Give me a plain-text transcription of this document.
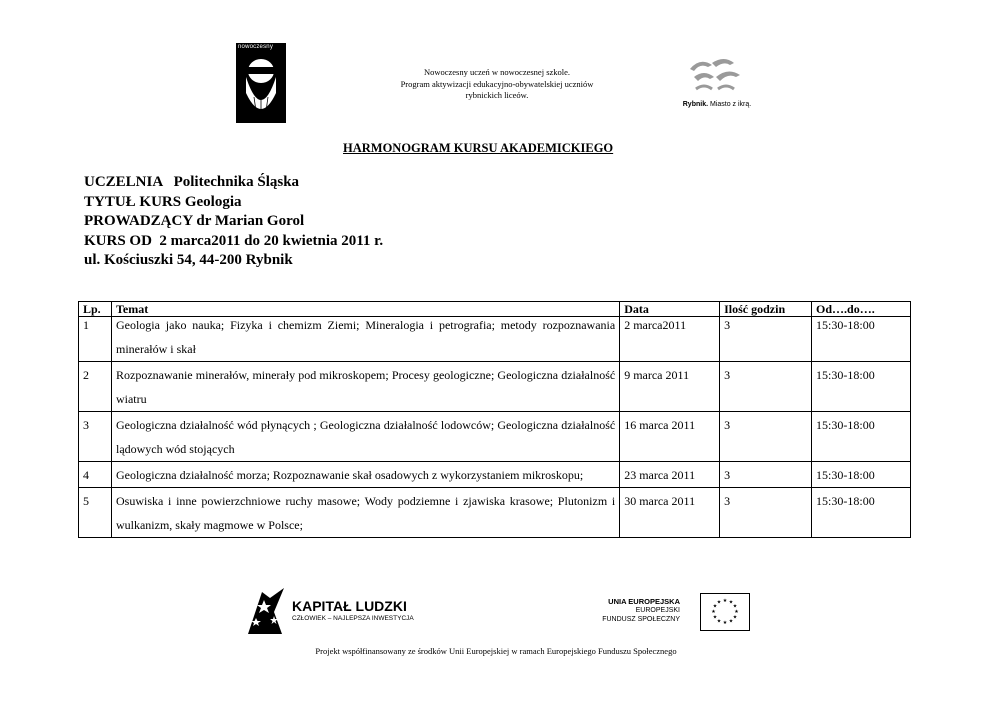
nowoczesny
Nowoczesny uczeń w nowoczesnej szkole.
Program aktywizacji edukacyjno-obywatelskiej uczniów
rybnickich liceów.
Rybnik. Miasto z ikrą.
HARMONOGRAM KURSU AKADEMICKIEGO
UCZELNIA   Politechnika Śląska
TYTUŁ KURS Geologia
PROWADZĄCY dr Marian Gorol
KURS OD  2 marca2011 do 20 kwietnia 2011 r.
ul. Kościuszki 54, 44-200 Rybnik
Lp.	Temat	Data	Ilość godzin	Od….do….
1	Geologia jako nauka; Fizyka i chemizm Ziemi; Mineralogia i petrografia; metody rozpoznawania minerałów i skał	2 marca2011	3	15:30-18:00
2	Rozpoznawanie minerałów, minerały pod mikroskopem; Procesy geologiczne; Geologiczna działalność wiatru	9 marca 2011	3	15:30-18:00
3	Geologiczna działalność wód płynących ; Geologiczna działalność lodowców; Geologiczna działalność lądowych wód stojących	16 marca 2011	3	15:30-18:00
4	Geologiczna działalność morza; Rozpoznawanie skał osadowych z wykorzystaniem mikroskopu;	23 marca 2011	3	15:30-18:00
5	Osuwiska i inne powierzchniowe ruchy masowe; Wody podziemne i zjawiska krasowe; Plutonizm i wulkanizm, skały magmowe w Polsce;	30 marca 2011	3	15:30-18:00
KAPITAŁ LUDZKI
CZŁOWIEK – NAJLEPSZA INWESTYCJA
UNIA EUROPEJSKA
EUROPEJSKI
FUNDUSZ SPOŁECZNY
★ ★
★
★
★
★
★
★
★
★
★
★
Projekt współfinansowany ze środków Unii Europejskiej w ramach Europejskiego Funduszu Społecznego
